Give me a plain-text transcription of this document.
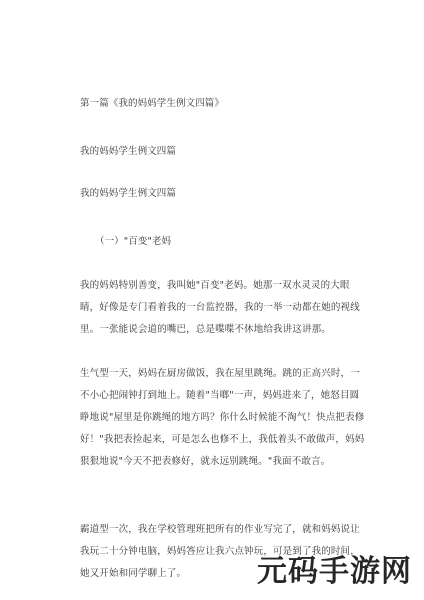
第一篇《我的妈妈学生例文四篇》
我的妈妈学生例文四篇
我的妈妈学生例文四篇
（一）"百变"老妈
我的妈妈特别善变，我叫她"百变"老妈。她那一双水灵灵的大眼睛，好像是专门看着我的一台监控器，我的一举一动都在她的视线里。一张能说会道的嘴巴，总是喋喋不休地给我讲这讲那。
生气型一天，妈妈在厨房做饭，我在屋里跳绳。跳的正高兴时，一不小心把闹钟打到地上。随着"当啷"一声，妈妈进来了，她怒目圆睁地说"屋里是你跳绳的地方吗？你什么时候能不淘气！快点把表修好！"我把表捡起来，可是怎么也修不上，我低着头不敢做声，妈妈狠狠地说"今天不把表修好，就永远别跳绳。"我面不敢言。
霸道型一次，我在学校管理班把所有的作业写完了，就和妈妈说让我玩二十分钟电脑，妈妈答应让我六点钟玩，可是到了我的时间，她又开始和同学聊上了。	元码手游网
